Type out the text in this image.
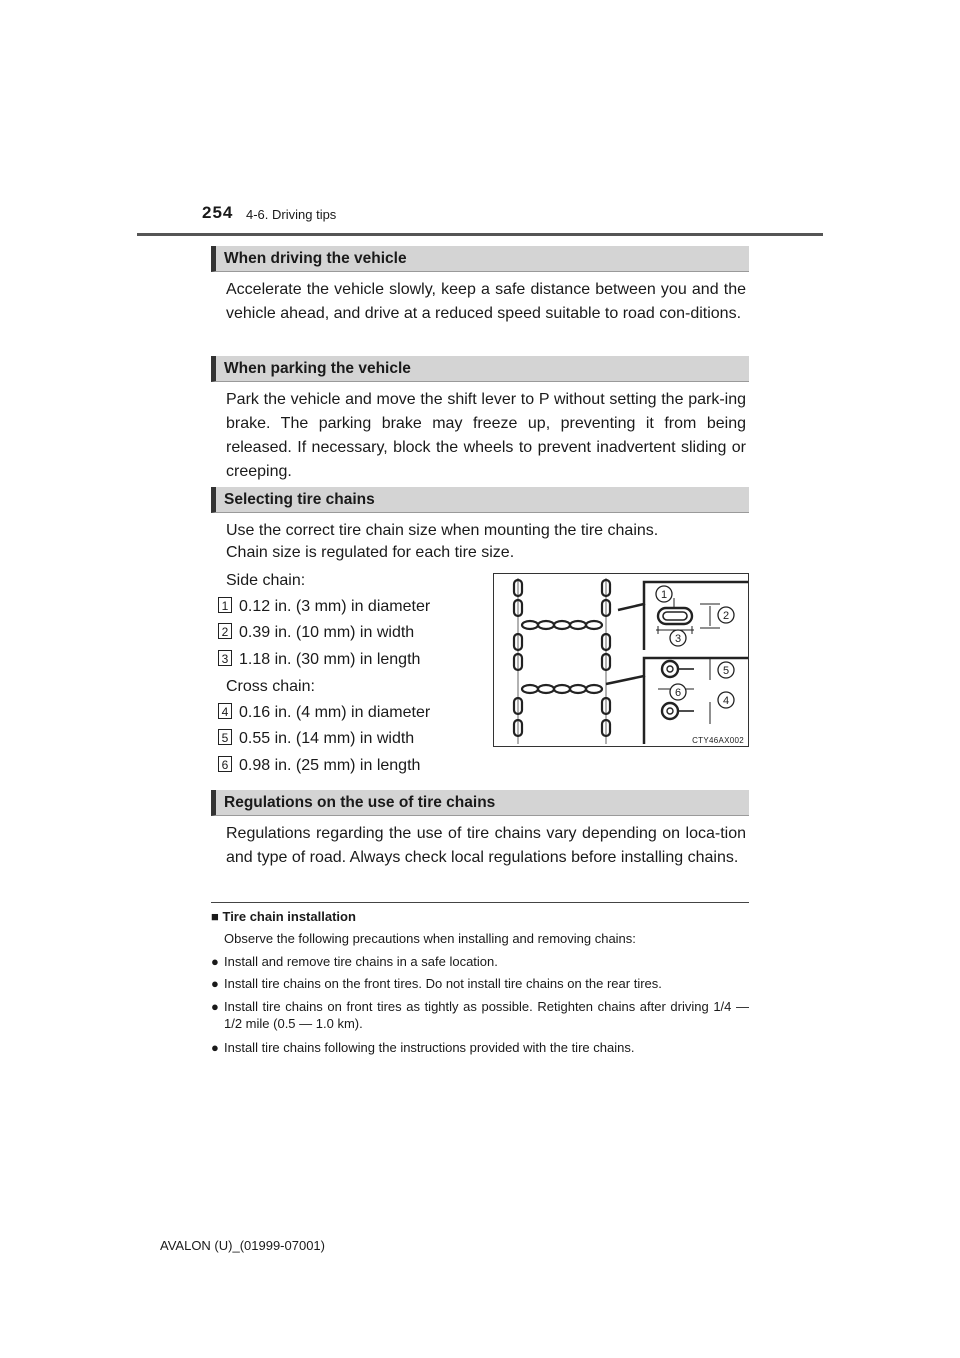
254 4-6. Driving tips
When driving the vehicle

Accelerate the vehicle slowly, keep a safe distance between you and the vehicle ahead, and drive at a reduced speed suitable to road con-ditions.

When parking the vehicle

Park the vehicle and move the shift lever to P without setting the park-ing brake. The parking brake may freeze up, preventing it from being released. If necessary, block the wheels to prevent inadvertent sliding or creeping.

Selecting tire chains
Use the correct tire chain size when mounting the tire chains.
Chain size is regulated for each tire size.
Side chain:
1 0.12 in. (3 mm) in diameter
2 0.39 in. (10 mm) in width
3 1.18 in. (30 mm) in length
Cross chain:
4 0.16 in. (4 mm) in diameter
5 0.55 in. (14 mm) in width
6 0.98 in. (25 mm) in length
1
2
3
5
6
4
CTY46AX002
Regulations on the use of tire chains

Regulations regarding the use of tire chains vary depending on loca-tion and type of road. Always check local regulations before installing chains.

■ Tire chain installation

Observe the following precautions when installing and removing chains:

● Install and remove tire chains in a safe location.
● Install tire chains on the front tires. Do not install tire chains on the rear tires.
● Install tire chains on front tires as tightly as possible. Retighten chains after driving 1/4 — 1/2 mile (0.5 — 1.0 km).
● Install tire chains following the instructions provided with the tire chains.
AVALON (U)_(01999-07001)
